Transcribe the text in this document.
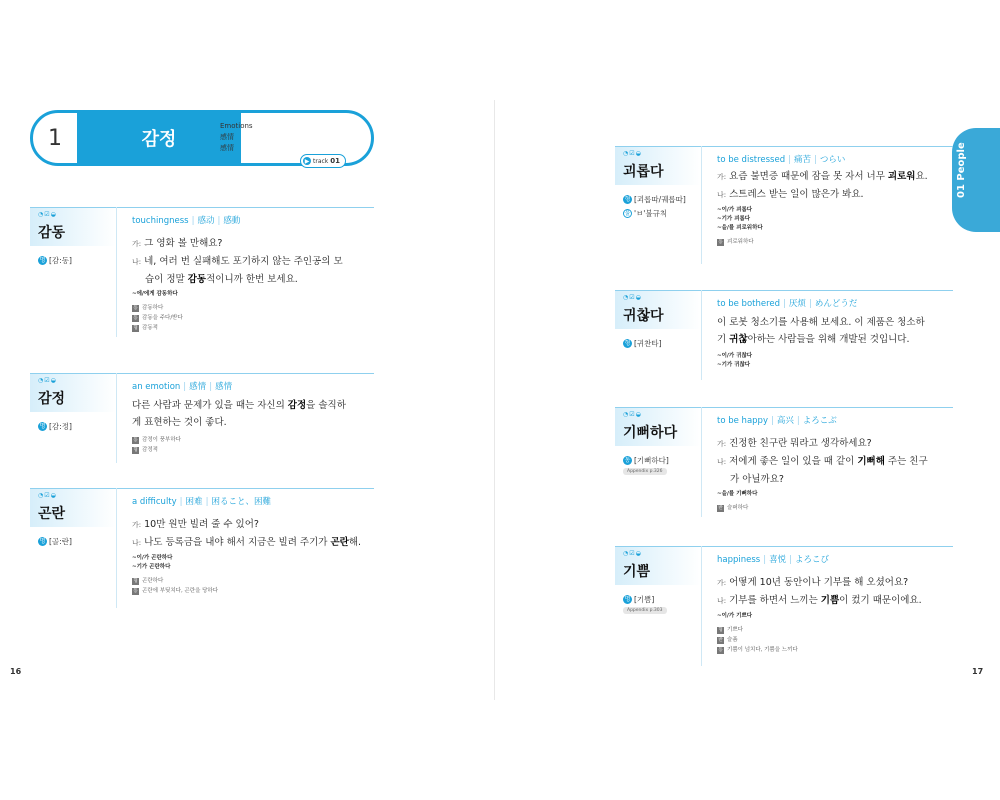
1	감정
Emotions
感情
感情
▶ track 01	01 People
16	17
◔☑◒
감동
명 [감:동]
touchingness | 感动 | 感動
가: 그 영화 볼 만해요?
나: 네, 여러 번 실패해도 포기하지 않는 주인공의 모
습이 정말 감동적이니까 한번 보세요.
~에/에게 감동하다
동 감동하다
동 감동을 주다/받다
형 감동적
◔☑◒
감정
명 [감:정]
an emotion | 感情 | 感情
다른 사람과 문제가 있을 때는 자신의 감정을 솔직하
게 표현하는 것이 좋다.
동 감정이 풍부하다
형 감정적
◔☑◒
곤란
명 [골:란]
a difficulty | 困难 | 困ること、困難
가: 10만 원만 빌려 줄 수 있어?
나: 나도 등록금을 내야 해서 지금은 빌려 주기가 곤란해.
~이/가 곤란하다
~기가 곤란하다
형 곤란하다
동 곤란에 부딪치다, 곤란을 당하다
◔☑◒
괴롭다
형 [괴롭따/궤롭따]
불 'ㅂ'불규칙
to be distressed | 痛苦 | つらい
가: 요즘 불면증 때문에 잠을 못 자서 너무 괴로워요.
나: 스트레스 받는 일이 많은가 봐요.
~이/가 괴롭다
~기가 괴롭다
~을/를 괴로워하다
동 괴로워하다
◔☑◒
귀찮다
형 [귀찬타]
to be bothered | 厌烦 | めんどうだ
이 로봇 청소기를 사용해 보세요. 이 제품은 청소하
기 귀찮아하는 사람들을 위해 개발된 것입니다.
~이/가 귀찮다
~기가 귀찮다
◔☑◒
기뻐하다
동 [기뻐하다]
Appendix p.326
to be happy | 高兴 | よろこぶ
가: 진정한 친구란 뭐라고 생각하세요?
나: 저에게 좋은 일이 있을 때 같이 기뻐해 주는 친구
가 아닐까요?
~을/를 기뻐하다
반 슬퍼하다
◔☑◒
기쁨
명 [기쁨]
Appendix p.303
happiness | 喜悦 | よろこび
가: 어떻게 10년 동안이나 기부를 해 오셨어요?
나: 기부를 하면서 느끼는 기쁨이 컸기 때문이에요.
~이/가 기쁘다
형 기쁘다
반 슬픔
동 기쁨이 넘치다, 기쁨을 느끼다
